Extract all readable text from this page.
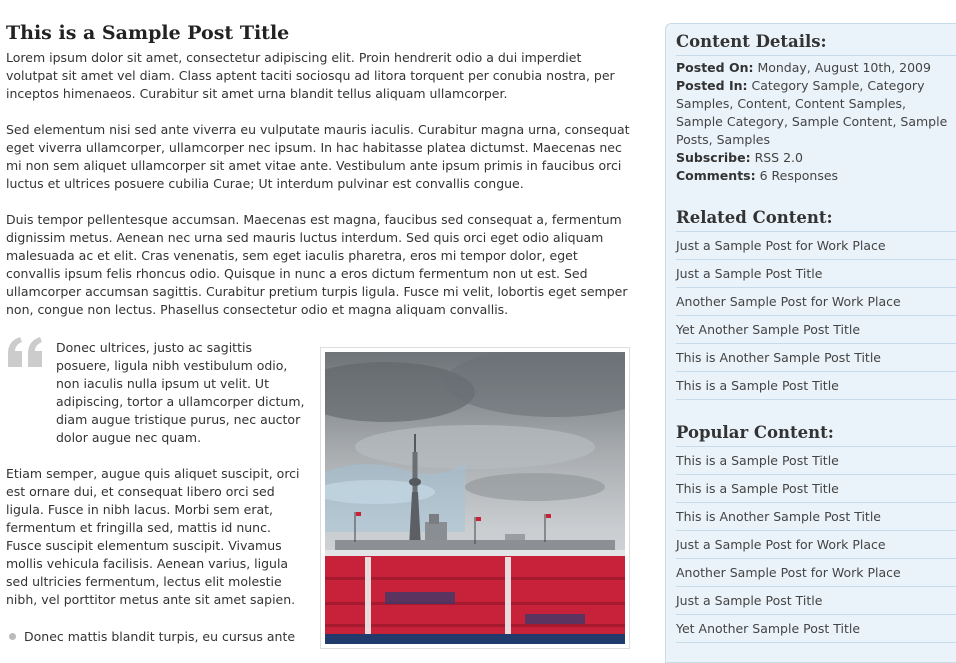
This is a Sample Post Title

Lorem ipsum dolor sit amet, consectetur adipiscing elit. Proin hendrerit odio a dui imperdiet volutpat sit amet vel diam. Class aptent taciti sociosqu ad litora torquent per conubia nostra, per inceptos himenaeos. Curabitur sit amet urna blandit tellus aliquam ullamcorper.

Sed elementum nisi sed ante viverra eu vulputate mauris iaculis. Curabitur magna urna, consequat eget viverra ullamcorper, ullamcorper nec ipsum. In hac habitasse platea dictumst. Maecenas nec mi non sem aliquet ullamcorper sit amet vitae ante. Vestibulum ante ipsum primis in faucibus orci luctus et ultrices posuere cubilia Curae; Ut interdum pulvinar est convallis congue.

Duis tempor pellentesque accumsan. Maecenas est magna, faucibus sed consequat a, fermentum dignissim metus. Aenean nec urna sed mauris luctus interdum. Sed quis orci eget odio aliquam malesuada ac et elit. Cras venenatis, sem eget iaculis pharetra, eros mi tempor dolor, eget convallis ipsum felis rhoncus odio. Quisque in nunc a eros dictum fermentum non ut est. Sed ullamcorper accumsan sagittis. Curabitur pretium turpis ligula. Fusce mi velit, lobortis eget semper non, congue non lectus. Phasellus consectetur odio et magna aliquam convallis.

Donec ultrices, justo ac sagittis posuere, ligula nibh vestibulum odio, non iaculis nulla ipsum ut velit. Ut adipiscing, tortor a ullamcorper dictum, diam augue tristique purus, nec auctor dolor augue nec quam.
Etiam semper, augue quis aliquet suscipit, orci est ornare dui, et consequat libero orci sed ligula. Fusce in nibh lacus. Morbi sem erat, fermentum et fringilla sed, mattis id nunc. Fusce suscipit elementum suscipit. Vivamus mollis vehicula facilisis. Aenean varius, ligula sed ultricies fermentum, lectus elit molestie nibh, vel porttitor metus ante sit amet sapien.
Donec mattis blandit turpis, eu cursus ante
Content Details:
Posted On: Monday, August 10th, 2009
Posted In: Category Sample, Category Samples, Content, Content Samples, Sample Category, Sample Content, Sample Posts, Samples
Subscribe: RSS 2.0
Comments: 6 Responses
Related Content:
Just a Sample Post for Work Place
Just a Sample Post Title
Another Sample Post for Work Place
Yet Another Sample Post Title
This is Another Sample Post Title
This is a Sample Post Title
Popular Content:
This is a Sample Post Title
This is a Sample Post Title
This is Another Sample Post Title
Just a Sample Post for Work Place
Another Sample Post for Work Place
Just a Sample Post Title
Yet Another Sample Post Title
